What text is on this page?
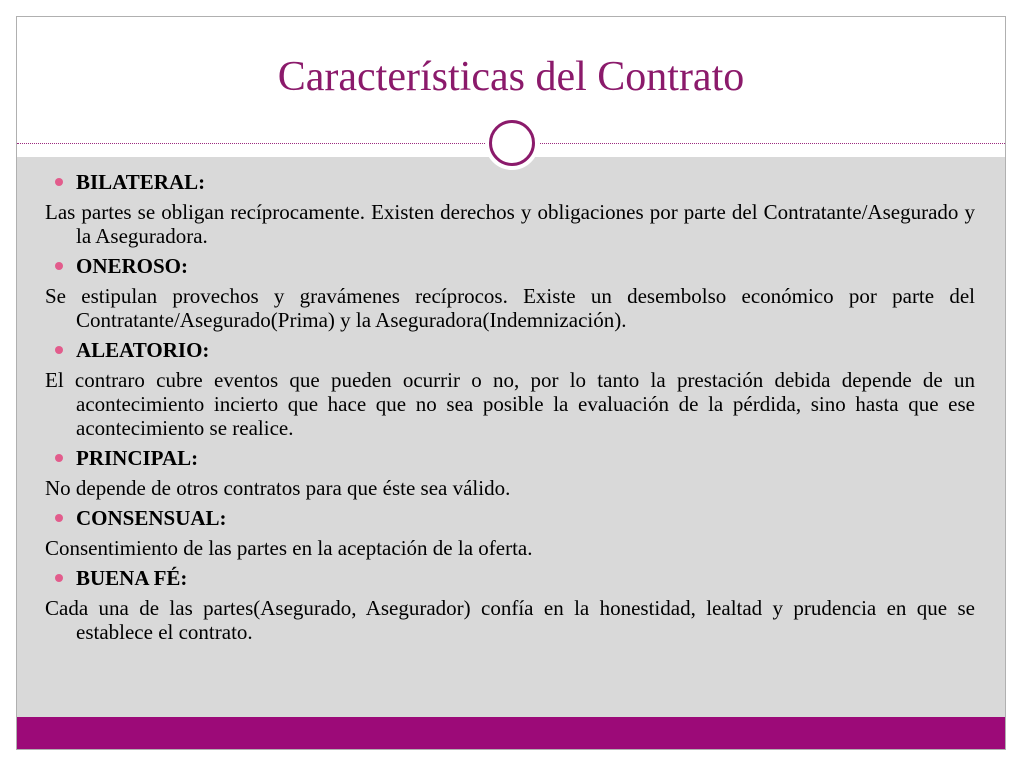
Características del Contrato
BILATERAL:

Las partes se obligan recíprocamente. Existen derechos y obligaciones por parte del Contratante/Asegurado y la Aseguradora.

ONEROSO:

Se estipulan provechos y gravámenes recíprocos. Existe un desembolso económico por parte del Contratante/Asegurado(Prima) y la Aseguradora(Indemnización).

ALEATORIO:

El contraro cubre eventos que pueden ocurrir o no, por lo tanto la prestación debida depende de un acontecimiento incierto que hace que no sea posible la evaluación de la pérdida, sino hasta que ese acontecimiento se realice.

PRINCIPAL:

No depende de otros contratos para que éste sea válido.

CONSENSUAL:

Consentimiento de las partes en la aceptación de la oferta.

BUENA FÉ:

Cada una de las partes(Asegurado, Asegurador) confía en la honestidad, lealtad y prudencia en que se establece el contrato.
